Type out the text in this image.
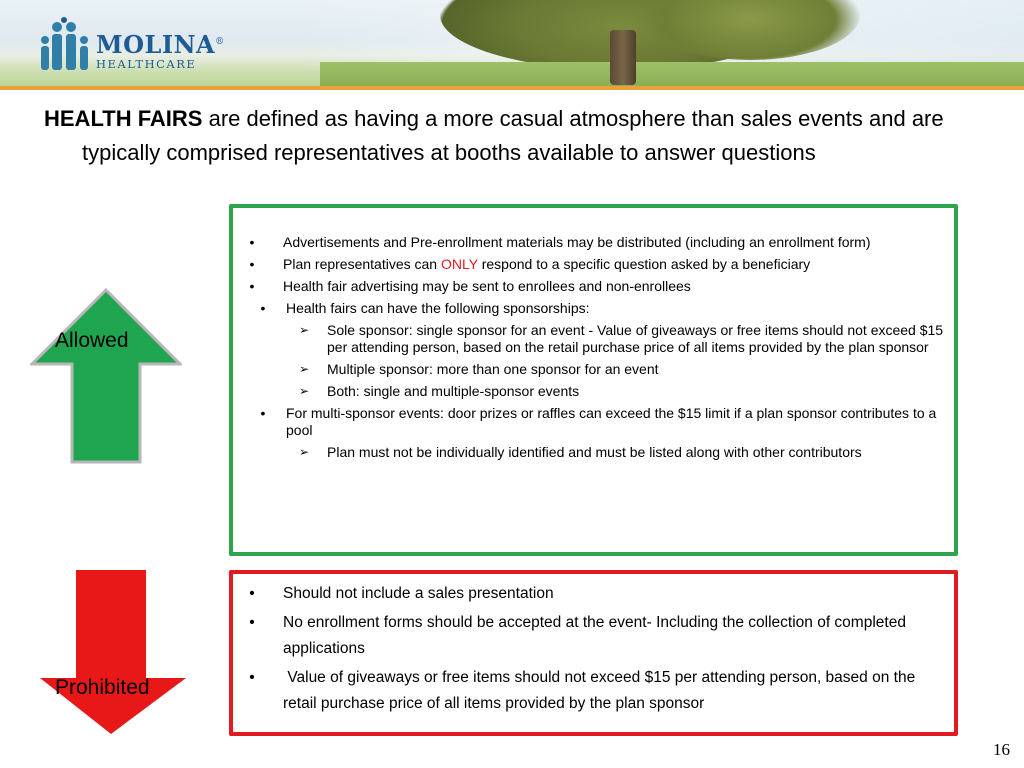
MOLINA®
HEALTHCARE
HEALTH FAIRS are defined as having a more casual atmosphere than sales events and are typically comprised representatives at booths available to answer questions
Allowed
•	Advertisements and Pre-enrollment materials may be distributed (including an enrollment form)
•	Plan representatives can ONLY respond to a specific question asked by a beneficiary
•	Health fair advertising may be sent to enrollees and non-enrollees
•	Health fairs can have the following sponsorships:
➢	Sole sponsor: single sponsor for an event - Value of giveaways or free items should not exceed $15 per attending person, based on the retail purchase price of all items provided by the plan sponsor
➢	Multiple sponsor: more than one sponsor for an event
➢	Both: single and multiple-sponsor events
•	For multi-sponsor events: door prizes or raffles can exceed the $15 limit if a plan sponsor contributes to a pool
➢	Plan must not be individually identified and must be listed along with other contributors
Prohibited
• Should not include a sales presentation
• No enrollment forms should be accepted at the event- Including the collection of completed applications
• Value of giveaways or free items should not exceed $15 per attending person, based on the retail purchase price of all items provided by the plan sponsor
16
